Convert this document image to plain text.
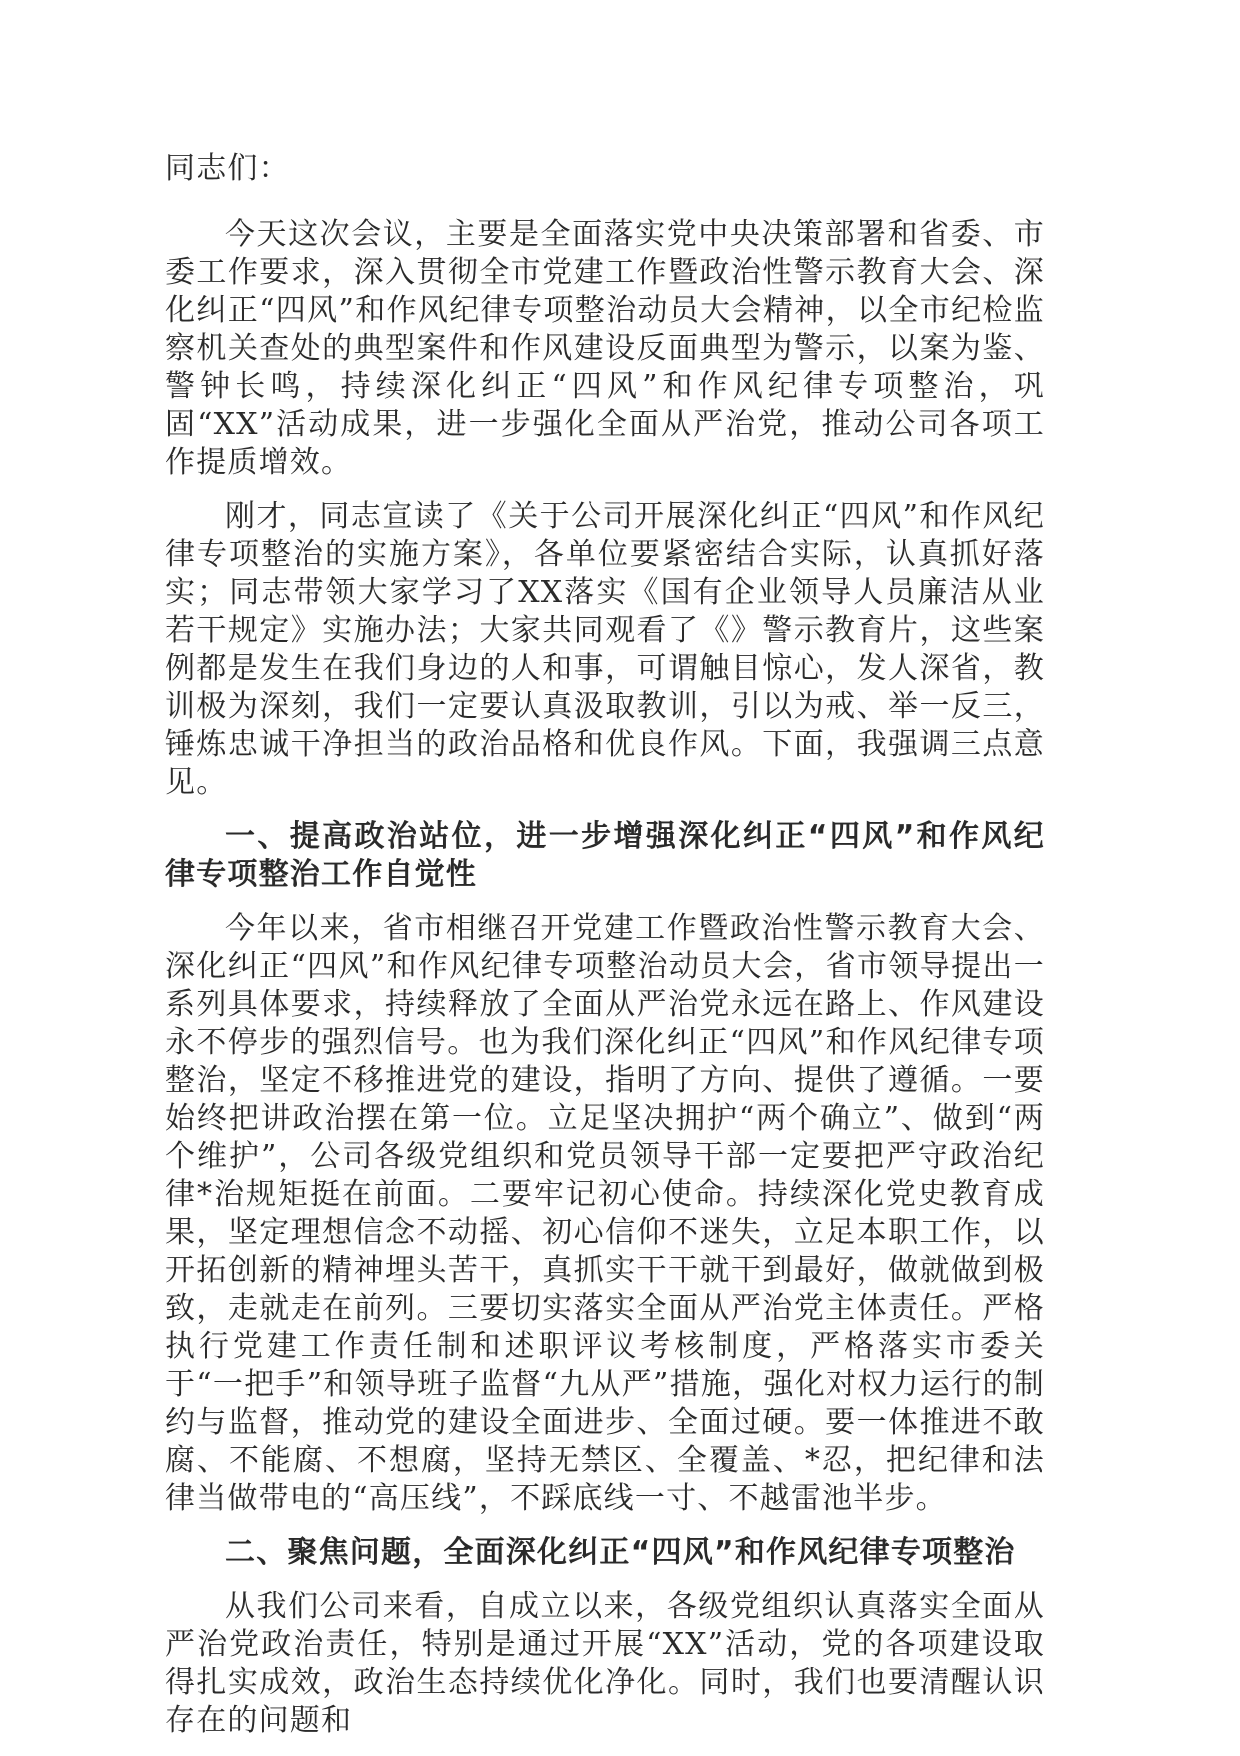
同志们：

今天这次会议，主要是全面落实党中央决策部署和省委、市委工作要求，深入贯彻全市党建工作暨政治性警示教育大会、深化纠正“四风”和作风纪律专项整治动员大会精神，以全市纪检监察机关查处的典型案件和作风建设反面典型为警示，以案为鉴、警钟长鸣，持续深化纠正“四风”和作风纪律专项整治，巩固“XX”活动成果，进一步强化全面从严治党，推动公司各项工作提质增效。

刚才，同志宣读了《关于公司开展深化纠正“四风”和作风纪律专项整治的实施方案》，各单位要紧密结合实际，认真抓好落实；同志带领大家学习了XX落实《国有企业领导人员廉洁从业若干规定》实施办法；大家共同观看了《》警示教育片，这些案例都是发生在我们身边的人和事，可谓触目惊心，发人深省，教训极为深刻，我们一定要认真汲取教训，引以为戒、举一反三，锤炼忠诚干净担当的政治品格和优良作风。下面，我强调三点意见。

一、提高政治站位，进一步增强深化纠正“四风”和作风纪律专项整治工作自觉性

今年以来，省市相继召开党建工作暨政治性警示教育大会、深化纠正“四风”和作风纪律专项整治动员大会，省市领导提出一系列具体要求，持续释放了全面从严治党永远在路上、作风建设永不停步的强烈信号。也为我们深化纠正“四风”和作风纪律专项整治，坚定不移推进党的建设，指明了方向、提供了遵循。一要始终把讲政治摆在第一位。立足坚决拥护“两个确立”、做到“两个维护”，公司各级党组织和党员领导干部一定要把严守政治纪律*治规矩挺在前面。二要牢记初心使命。持续深化党史教育成果，坚定理想信念不动摇、初心信仰不迷失，立足本职工作，以开拓创新的精神埋头苦干，真抓实干干就干到最好，做就做到极致，走就走在前列。三要切实落实全面从严治党主体责任。严格执行党建工作责任制和述职评议考核制度，严格落实市委关于“一把手”和领导班子监督“九从严”措施，强化对权力运行的制约与监督，推动党的建设全面进步、全面过硬。要一体推进不敢腐、不能腐、不想腐，坚持无禁区、全覆盖、*忍，把纪律和法律当做带电的“高压线”，不踩底线一寸、不越雷池半步。

二、聚焦问题，全面深化纠正“四风”和作风纪律专项整治

从我们公司来看，自成立以来，各级党组织认真落实全面从严治党政治责任，特别是通过开展“XX”活动，党的各项建设取得扎实成效，政治生态持续优化净化。同时，我们也要清醒认识存在的问题和
